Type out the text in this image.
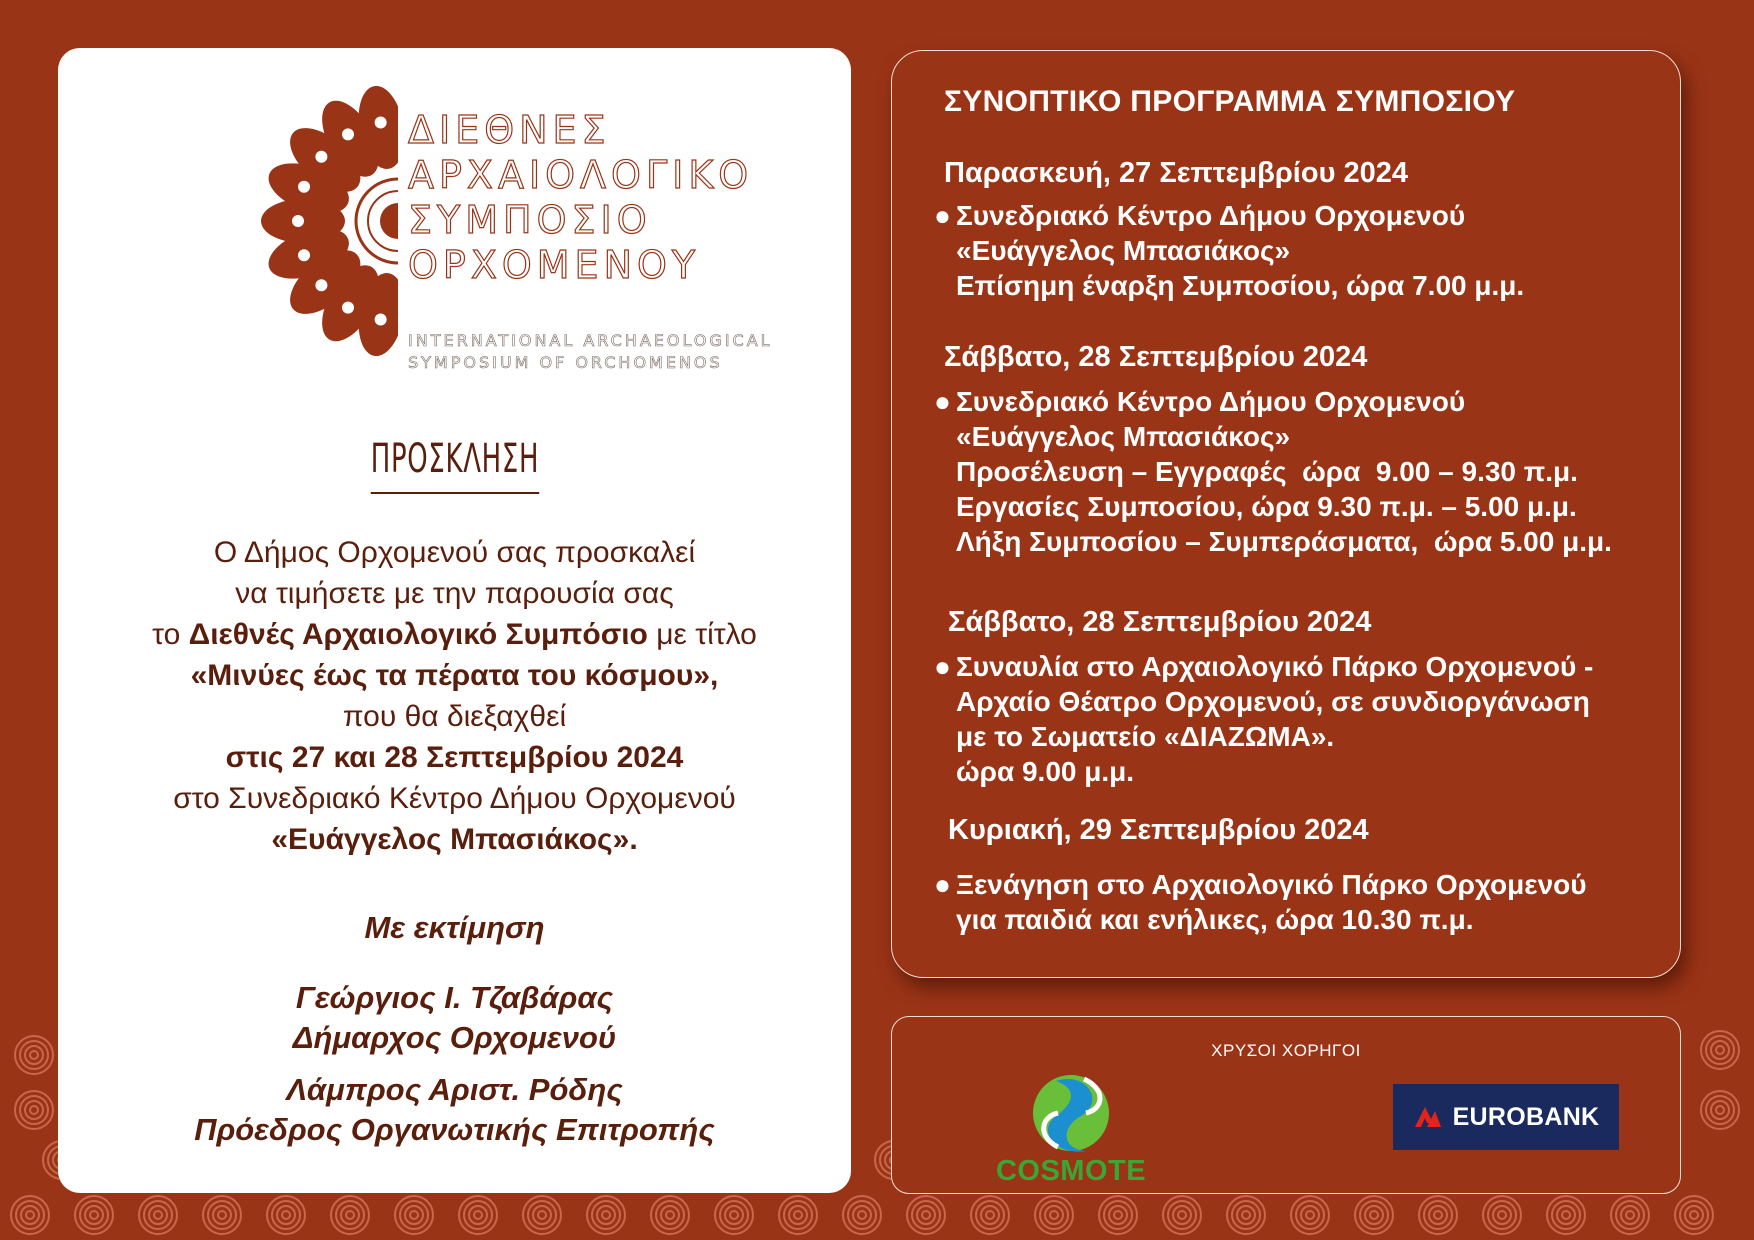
ΔΙΕΘΝΕΣ
ΑΡΧΑΙΟΛΟΓΙΚΟ
ΣΥΜΠΟΣΙΟ
ΟΡΧΟΜΕΝΟΥ
INTERNATIONAL ARCHAEOLOGICAL
SYMPOSIUM OF ORCHOMENOS
ΠΡΟΣΚΛΗΣΗ
Ο Δήμος Ορχομενού σας προσκαλεί
να τιμήσετε με την παρουσία σας
το Διεθνές Αρχαιολογικό Συμπόσιο με τίτλο
«Μινύες έως τα πέρατα του κόσμου»,
που θα διεξαχθεί
στις 27 και 28 Σεπτεμβρίου 2024
στο Συνεδριακό Κέντρο Δήμου Ορχομενού
«Ευάγγελος Μπασιάκος».
Με εκτίμηση
Γεώργιος Ι. Τζαβάρας
Δήμαρχος Ορχομενού
Λάμπρος Αριστ. Ρόδης
Πρόεδρος Οργανωτικής Επιτροπής
ΣΥΝΟΠΤΙΚΟ ΠΡΟΓΡΑΜΜΑ ΣΥΜΠΟΣΙΟΥ
Παρασκευή, 27 Σεπτεμβρίου 2024
● Συνεδριακό Κέντρο Δήμου Ορχομενού
«Ευάγγελος Μπασιάκος»
Επίσημη έναρξη Συμποσίου, ώρα 7.00 μ.μ.
Σάββατο, 28 Σεπτεμβρίου 2024
● Συνεδριακό Κέντρο Δήμου Ορχομενού
«Ευάγγελος Μπασιάκος»
Προσέλευση – Εγγραφές  ώρα  9.00 – 9.30 π.μ.
Εργασίες Συμποσίου, ώρα 9.30 π.μ. – 5.00 μ.μ.
Λήξη Συμποσίου – Συμπεράσματα,  ώρα 5.00 μ.μ.
Σάββατο, 28 Σεπτεμβρίου 2024
● Συναυλία στο Αρχαιολογικό Πάρκο Ορχομενού -
Αρχαίο Θέατρο Ορχομενού, σε συνδιοργάνωση
με το Σωματείο «ΔΙΑΖΩΜΑ».
ώρα 9.00 μ.μ.
Κυριακή, 29 Σεπτεμβρίου 2024
● Ξενάγηση στο Αρχαιολογικό Πάρκο Ορχομενού
για παιδιά και ενήλικες, ώρα 10.30 π.μ.
ΧΡΥΣΟΙ ΧΟΡΗΓΟΙ
COSMOTE
EUROBANK
